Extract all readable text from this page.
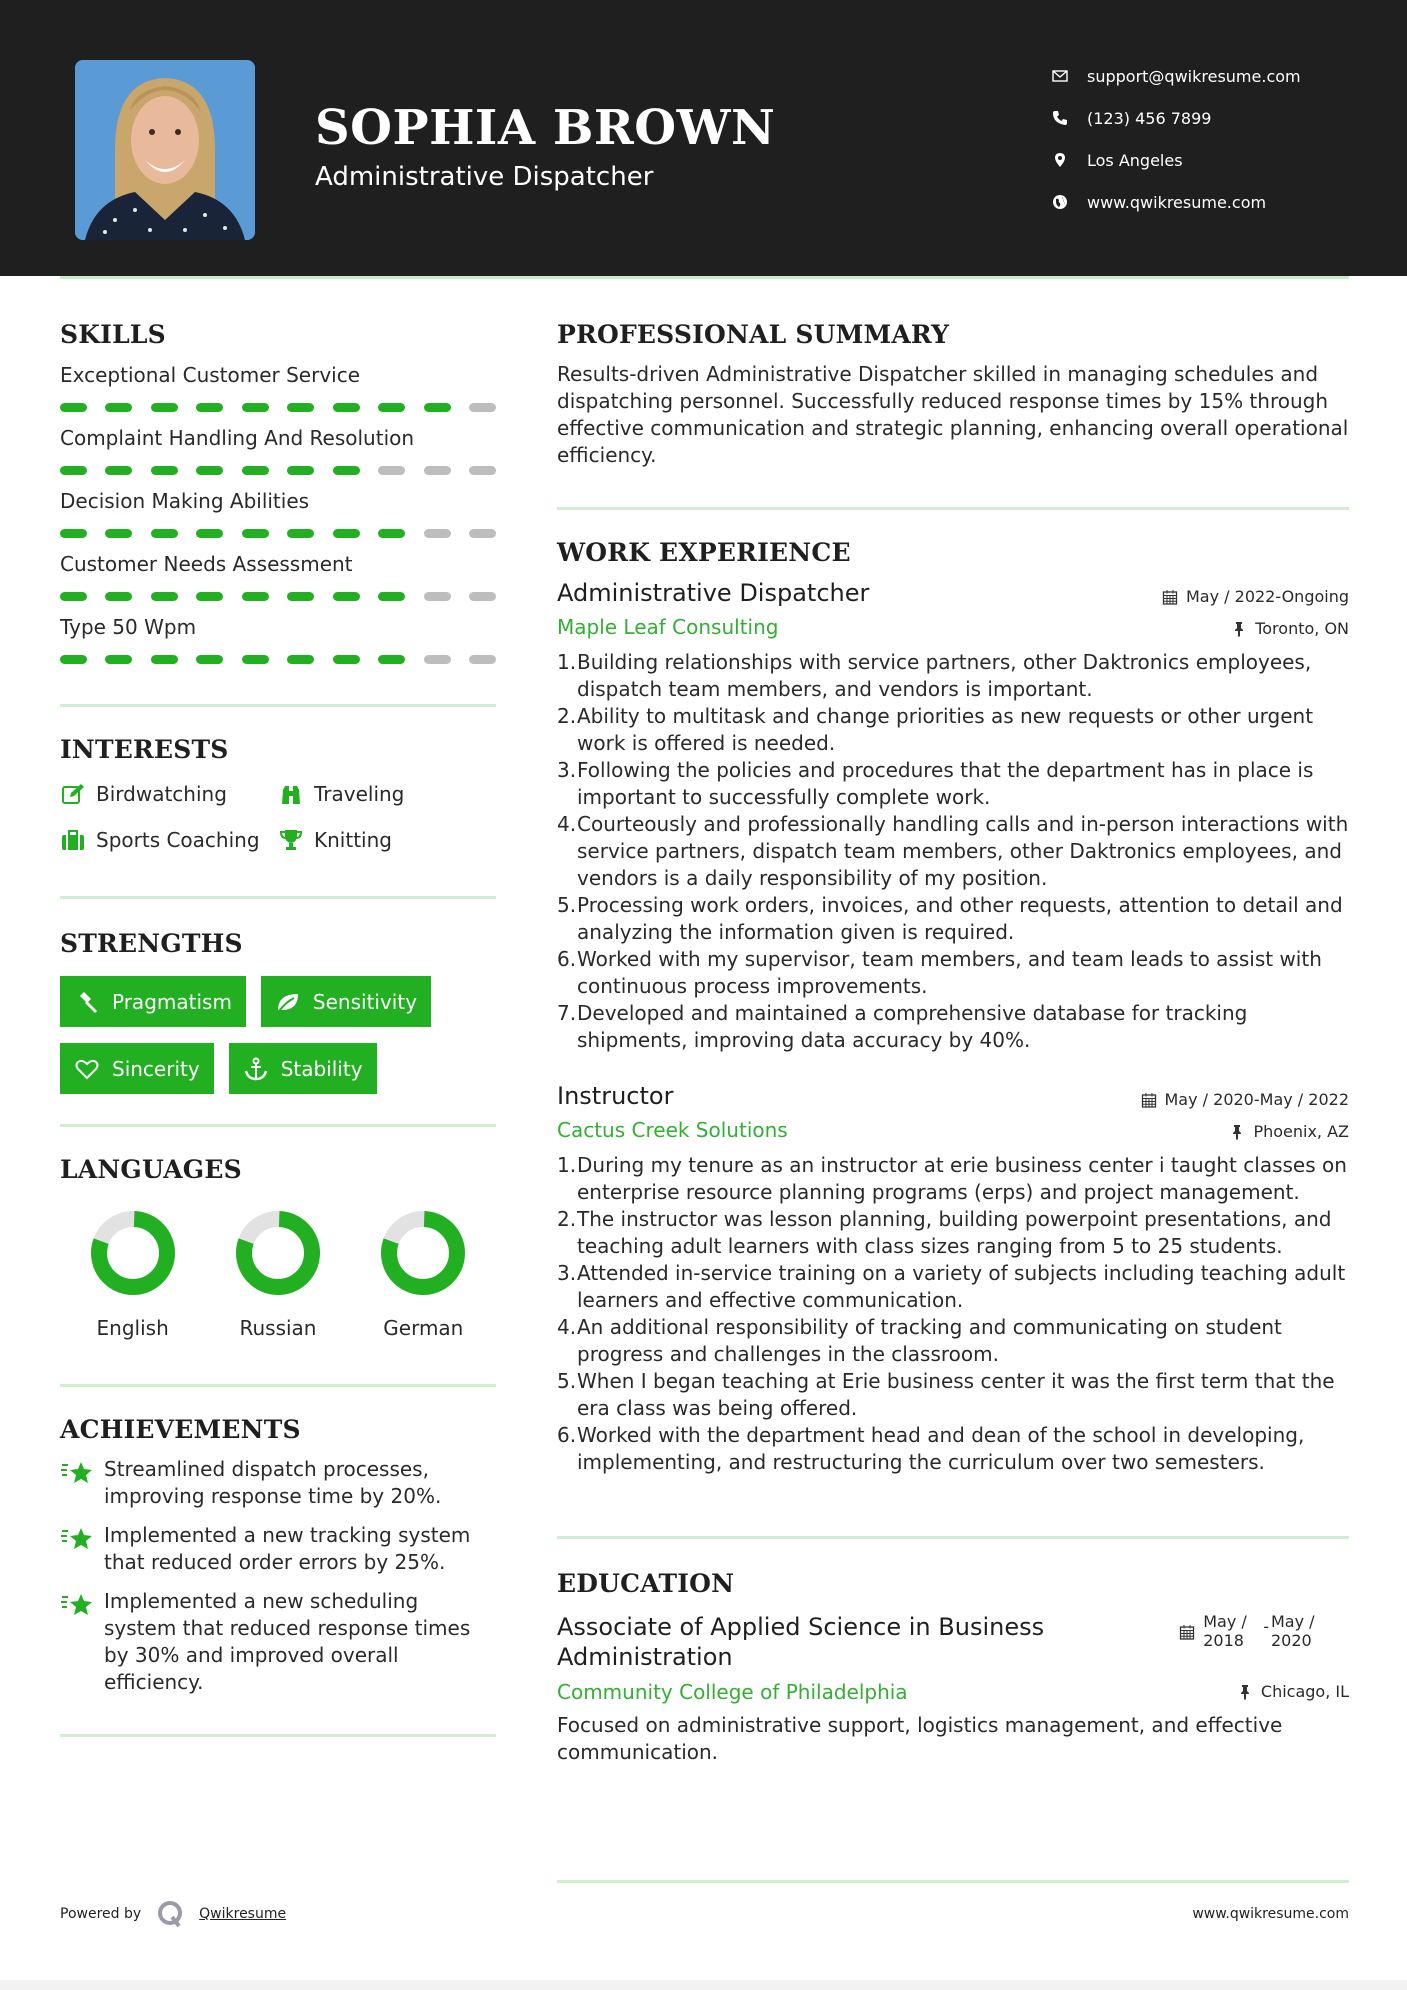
SOPHIA BROWN
Administrative Dispatcher
support@qwikresume.com
(123) 456 7899
Los Angeles
www.qwikresume.com
SKILLS
Exceptional Customer Service
Complaint Handling And Resolution
Decision Making Abilities
Customer Needs Assessment
Type 50 Wpm
INTERESTS
Birdwatching	Traveling
Sports Coaching	Knitting
STRENGTHS
Pragmatism	Sensitivity
Sincerity	Stability
LANGUAGES
English	Russian	German
ACHIEVEMENTS
Streamlined dispatch processes, improving response time by 20%.
Implemented a new tracking system that reduced order errors by 25%.
Implemented a new scheduling system that reduced response times by 30% and improved overall efficiency.
PROFESSIONAL SUMMARY

Results-driven Administrative Dispatcher skilled in managing schedules and dispatching personnel. Successfully reduced response times by 15% through effective communication and strategic planning, enhancing overall operational efficiency.

WORK EXPERIENCE
Administrative Dispatcher	May / 2022-Ongoing
Maple Leaf Consulting	Toronto, ON
1. Building relationships with service partners, other Daktronics employees, dispatch team members, and vendors is important.
2. Ability to multitask and change priorities as new requests or other urgent work is offered is needed.
3. Following the policies and procedures that the department has in place is important to successfully complete work.
4. Courteously and professionally handling calls and in-person interactions with service partners, dispatch team members, other Daktronics employees, and vendors is a daily responsibility of my position.
5. Processing work orders, invoices, and other requests, attention to detail and analyzing the information given is required.
6. Worked with my supervisor, team members, and team leads to assist with continuous process improvements.
7. Developed and maintained a comprehensive database for tracking shipments, improving data accuracy by 40%.
Instructor	May / 2020-May / 2022
Cactus Creek Solutions	Phoenix, AZ
1. During my tenure as an instructor at erie business center i taught classes on enterprise resource planning programs (erps) and project management.
2. The instructor was lesson planning, building powerpoint presentations, and teaching adult learners with class sizes ranging from 5 to 25 students.
3. Attended in-service training on a variety of subjects including teaching adult learners and effective communication.
4. An additional responsibility of tracking and communicating on student progress and challenges in the classroom.
5. When I began teaching at Erie business center it was the first term that the era class was being offered.
6. Worked with the department head and dean of the school in developing, implementing, and restructuring the curriculum over two semesters.
EDUCATION
Associate of Applied Science in Business Administration
May / 2018
- May / 2020
Community College of Philadelphia	Chicago, IL

Focused on administrative support, logistics management, and effective communication.

Powered by	Qwikresume	www.qwikresume.com
